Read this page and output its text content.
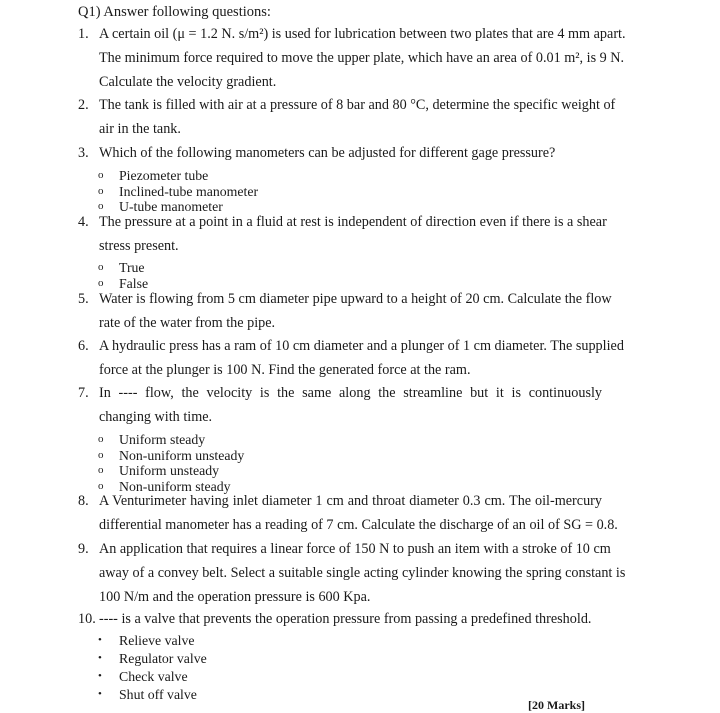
Q1) Answer following questions:
1. A certain oil (μ = 1.2 N. s/m²) is used for lubrication between two plates that are 4 mm apart.
The minimum force required to move the upper plate, which have an area of 0.01 m², is 9 N.
Calculate the velocity gradient.
2. The tank is filled with air at a pressure of 8 bar and 80 °C, determine the specific weight of
air in the tank.
3. Which of the following manometers can be adjusted for different gage pressure?
o	Piezometer tube
o	Inclined-tube manometer
o	U-tube manometer
4. The pressure at a point in a fluid at rest is independent of direction even if there is a shear
stress present.
o	True
o	False
5. Water is flowing from 5 cm diameter pipe upward to a height of 20 cm. Calculate the flow
rate of the water from the pipe.
6. A hydraulic press has a ram of 10 cm diameter and a plunger of 1 cm diameter. The supplied
force at the plunger is 100 N. Find the generated force at the ram.
7. In ---- flow, the velocity is the same along the streamline but it is continuously
changing with time.
o	Uniform steady
o	Non-uniform unsteady
o	Uniform unsteady
o	Non-uniform steady
8. A Venturimeter having inlet diameter 1 cm and throat diameter 0.3 cm. The oil-mercury
differential manometer has a reading of 7 cm. Calculate the discharge of an oil of SG = 0.8.
9. An application that requires a linear force of 150 N to push an item with a stroke of 10 cm
away of a convey belt. Select a suitable single acting cylinder knowing the spring constant is
100 N/m and the operation pressure is 600 Kpa.
10. ---- is a valve that prevents the operation pressure from passing a predefined threshold.
•	Relieve valve
•	Regulator valve
•	Check valve
•	Shut off valve
[20 Marks]
